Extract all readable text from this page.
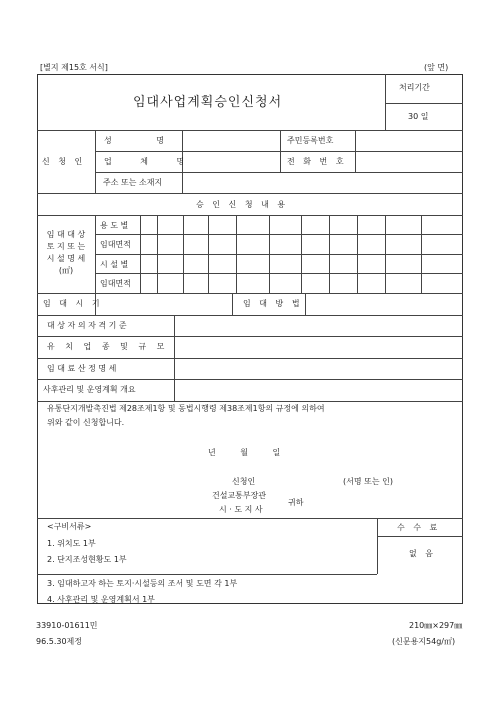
[별지 제15호 서식]	(앞 면)
임대사업계획승인신청서
처리기간
30 일
신 청 인
성 명	주민등록번호
업 체 명	전 화 번 호
주소 또는 소재지
승 인 신 청 내 용
임 대 대 상
토 지 또 는
시 설 명 세
(㎡)
용 도 별
임대면적
시 설 별
임대면적
임 대 시 기	임 대 방 법
대 상 자 의 자 격 기 준
유 치 업 종 및 규 모
임 대 료 산 정 명 세
사후관리 및 운영계획 개요
유통단지개발촉진법 제28조제1항 및 동법시행령 제38조제1항의 규정에 의하여
위와 같이 신청합니다.
년 월 일
신청인	(서명 또는 인)
건설교통부장관
시 · 도 지 사
귀하
<구비서류>
1. 위치도 1부
2. 단지조성현황도 1부
3. 임대하고자 하는 토지·시설등의 조서 및 도면 각 1부
4. 사후관리 및 운영계획서 1부
수 수 료
없 음
33910-01611민
96.5.30제정
210㎜×297㎜
(신문용지54g/㎡)
